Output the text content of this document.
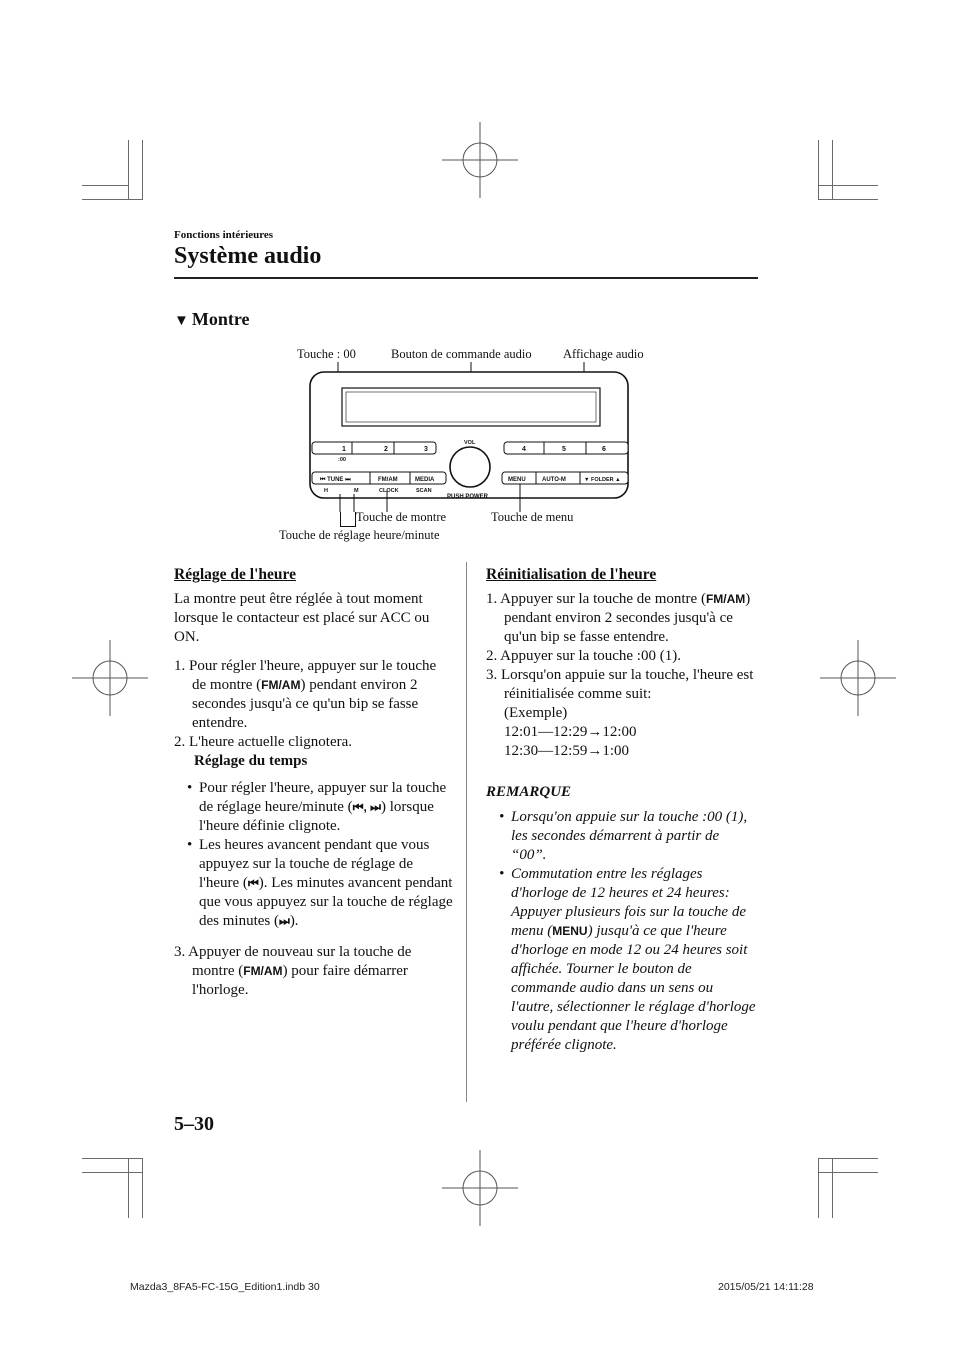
Fonctions intérieures
Système audio
▼ Montre
Touche : 00	Bouton de commande audio	Affichage audio
Touche de montre	Touche de menu
Touche de réglage heure/minute
1	2	3	4	5	6
:00
VOL
PUSH POWER
⏮ TUNE ⏭	FM/AM	MEDIA
H	M	CLOCK	SCAN
MENU	AUTO-M	▼ FOLDER ▲

Réglage de l'heure

La montre peut être réglée à tout moment lorsque le contacteur est placé sur ACC ou ON.

1. Pour régler l'heure, appuyer sur le touche de montre (FM/AM) pendant environ 2 secondes jusqu'à ce qu'un bip se fasse entendre.

2. L'heure actuelle clignotera.

Réglage du temps

• Pour régler l'heure, appuyer sur la touche de réglage heure/minute (⏮, ⏭) lorsque l'heure définie clignote.

• Les heures avancent pendant que vous appuyez sur la touche de réglage de l'heure (⏮). Les minutes avancent pendant que vous appuyez sur la touche de réglage des minutes (⏭).

3. Appuyer de nouveau sur la touche de montre (FM/AM) pour faire démarrer l'horloge.

Réinitialisation de l'heure

1. Appuyer sur la touche de montre (FM/AM) pendant environ 2 secondes jusqu'à ce qu'un bip se fasse entendre.

2. Appuyer sur la touche :00 (1).

3. Lorsqu'on appuie sur la touche, l'heure est réinitialisée comme suit:

(Exemple)

12:01—12:29→12:00

12:30—12:59→1:00

REMARQUE

• Lorsqu'on appuie sur la touche :00 (1), les secondes démarrent à partir de “00”.

• Commutation entre les réglages d'horloge de 12 heures et 24 heures: Appuyer plusieurs fois sur la touche de menu (MENU) jusqu'à ce que l'heure d'horloge en mode 12 ou 24 heures soit affichée. Tourner le bouton de commande audio dans un sens ou l'autre, sélectionner le réglage d'horloge voulu pendant que l'heure d'horloge préférée clignote.

5–30
Mazda3_8FA5-FC-15G_Edition1.indb 30	2015/05/21 14:11:28
